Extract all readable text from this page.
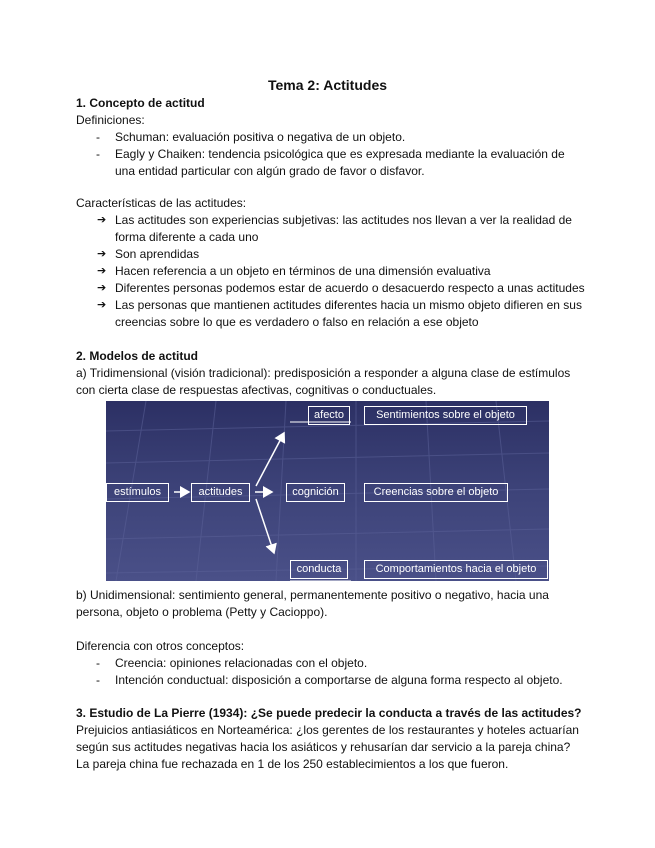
Tema 2: Actitudes
1. Concepto de actitud
Definiciones:
- Schuman: evaluación positiva o negativa de un objeto.
- Eagly y Chaiken: tendencia psicológica que es expresada mediante la evaluación de
una entidad particular con algún grado de favor o disfavor.
Características de las actitudes:
➔ Las actitudes son experiencias subjetivas: las actitudes nos llevan a ver la realidad de
forma diferente a cada uno
➔ Son aprendidas
➔ Hacen referencia a un objeto en términos de una dimensión evaluativa
➔ Diferentes personas podemos estar de acuerdo o desacuerdo respecto a unas actitudes
➔ Las personas que mantienen actitudes diferentes hacia un mismo objeto difieren en sus
creencias sobre lo que es verdadero o falso en relación a ese objeto
2. Modelos de actitud
a) Tridimensional (visión tradicional): predisposición a responder a alguna clase de estímulos
con cierta clase de respuestas afectivas, cognitivas o conductuales.
estímulos	actitudes
afecto
cognición
conducta
Sentimientos sobre el objeto
Creencias sobre el objeto
Comportamientos hacia el objeto
b) Unidimensional: sentimiento general, permanentemente positivo o negativo, hacia una
persona, objeto o problema (Petty y Cacioppo).
Diferencia con otros conceptos:
- Creencia: opiniones relacionadas con el objeto.
- Intención conductual: disposición a comportarse de alguna forma respecto al objeto.
3. Estudio de La Pierre (1934): ¿Se puede predecir la conducta a través de las actitudes?
Prejuicios antiasiáticos en Norteamérica: ¿los gerentes de los restaurantes y hoteles actuarían
según sus actitudes negativas hacia los asiáticos y rehusarían dar servicio a la pareja china?
La pareja china fue rechazada en 1 de los 250 establecimientos a los que fueron.
